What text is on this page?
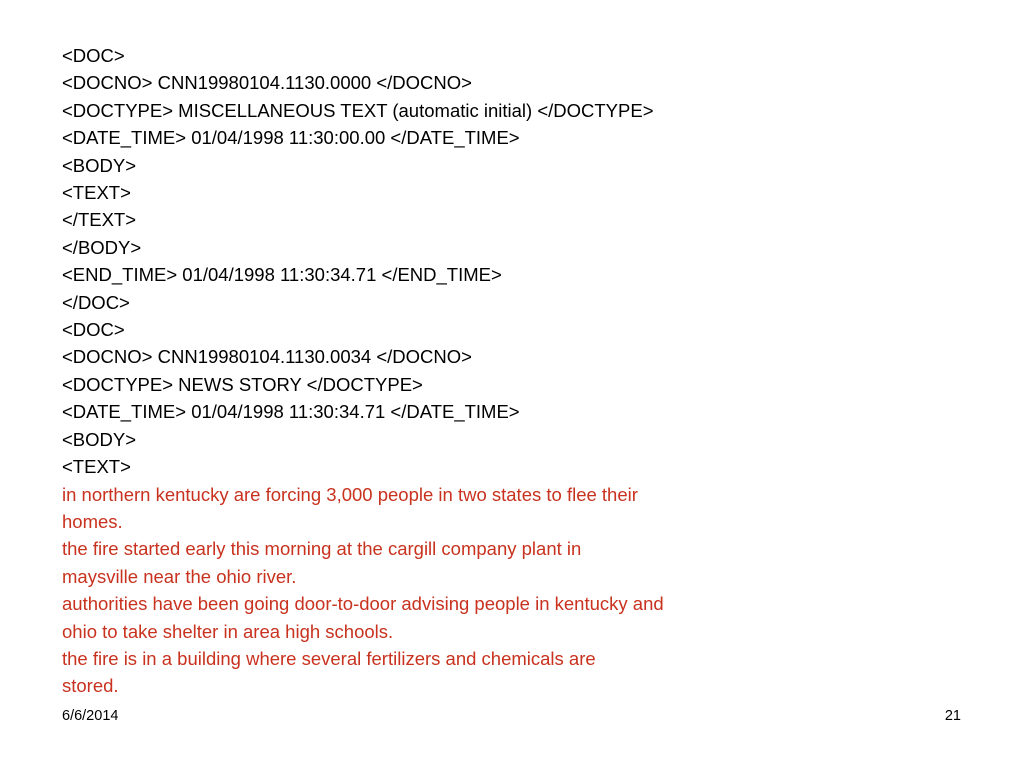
<DOC>
<DOCNO> CNN19980104.1130.0000 </DOCNO>
<DOCTYPE> MISCELLANEOUS TEXT (automatic initial) </DOCTYPE>
<DATE_TIME> 01/04/1998 11:30:00.00 </DATE_TIME>
<BODY>
<TEXT>
</TEXT>
</BODY>
<END_TIME> 01/04/1998 11:30:34.71 </END_TIME>
</DOC>
<DOC>
<DOCNO> CNN19980104.1130.0034 </DOCNO>
<DOCTYPE> NEWS STORY </DOCTYPE>
<DATE_TIME> 01/04/1998 11:30:34.71 </DATE_TIME>
<BODY>
<TEXT>
in northern kentucky are forcing 3,000 people in two states to flee their
homes.
the fire started early this morning at the cargill company plant in
maysville near the ohio river.
authorities have been going door-to-door advising people in kentucky and
ohio to take shelter in area high schools.
the fire is in a building where several fertilizers and chemicals are
stored.
6/6/2014	21
